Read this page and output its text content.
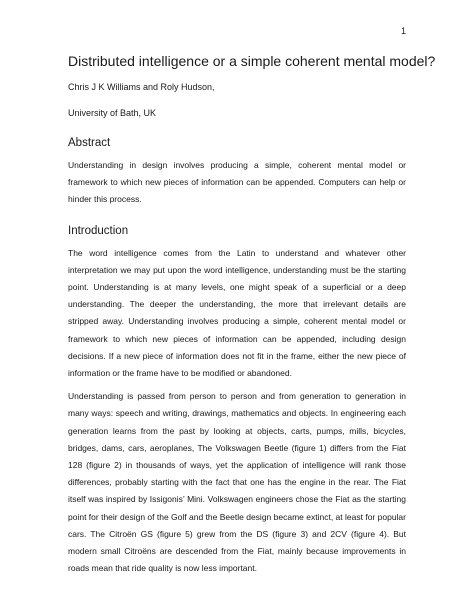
1
Distributed intelligence or a simple coherent mental model?

Chris J K Williams and Roly Hudson,

University of Bath, UK

Abstract

Understanding in design involves producing a simple, coherent mental model or framework to which new pieces of information can be appended. Computers can help or hinder this process.

Introduction

The word intelligence comes from the Latin to understand and whatever other interpretation we may put upon the word intelligence, understanding must be the starting point. Understanding is at many levels, one might speak of a superficial or a deep understanding. The deeper the understanding, the more that irrelevant details are stripped away. Understanding involves producing a simple, coherent mental model or framework to which new pieces of information can be appended, including design decisions. If a new piece of information does not fit in the frame, either the new piece of information or the frame have to be modified or abandoned.

Understanding is passed from person to person and from generation to generation in many ways: speech and writing, drawings, mathematics and objects. In engineering each generation learns from the past by looking at objects, carts, pumps, mills, bicycles, bridges, dams, cars, aeroplanes, The Volkswagen Beetle (figure 1) differs from the Fiat 128 (figure 2) in thousands of ways, yet the application of intelligence will rank those differences, probably starting with the fact that one has the engine in the rear. The Fiat itself was inspired by Issigonis’ Mini. Volkswagen engineers chose the Fiat as the starting point for their design of the Golf and the Beetle design became extinct, at least for popular cars. The Citroën GS (figure 5) grew from the DS (figure 3) and 2CV (figure 4). But modern small Citroëns are descended from the Fiat, mainly because improvements in roads mean that ride quality is now less important.
